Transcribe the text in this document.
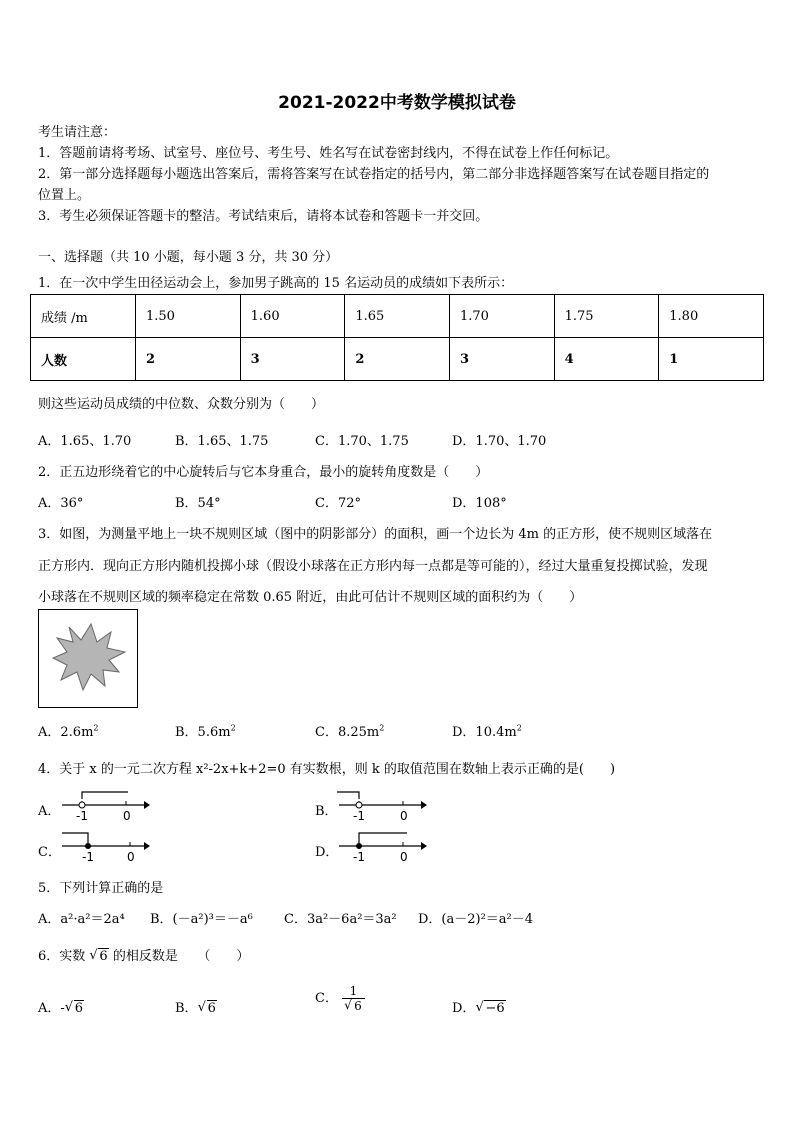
2021-2022中考数学模拟试卷
考生请注意：
1．答题前请将考场、试室号、座位号、考生号、姓名写在试卷密封线内，不得在试卷上作任何标记。
2．第一部分选择题每小题选出答案后，需将答案写在试卷指定的括号内，第二部分非选择题答案写在试卷题目指定的
位置上。
3．考生必须保证答题卡的整洁。考试结束后，请将本试卷和答题卡一并交回。
一、选择题（共 10 小题，每小题 3 分，共 30 分）
1．在一次中学生田径运动会上，参加男子跳高的 15 名运动员的成绩如下表所示：
成绩 /m	1.50	1.60	1.65	1.70	1.75	1.80
人数	2	3	2	3	4	1
则这些运动员成绩的中位数、众数分别为（　　）
A．1.65、1.70	B．1.65、1.75	C．1.70、1.75	D．1.70、1.70
2．正五边形绕着它的中心旋转后与它本身重合，最小的旋转角度数是（　　）
A．36°	B．54°	C．72°	D．108°
3．如图，为测量平地上一块不规则区域（图中的阴影部分）的面积，画一个边长为 4m 的正方形，使不规则区域落在
正方形内．现向正方形内随机投掷小球（假设小球落在正方形内每一点都是等可能的），经过大量重复投掷试验，发现
小球落在不规则区域的频率稳定在常数 0.65 附近，由此可估计不规则区域的面积约为（　　）
A．$2.6m^2$	B．$5.6m^2$	C．$8.25m^2$	D．$10.4m^2$
4．关于 x 的一元二次方程 x²-2x+k+2=0 有实数根，则 k 的取值范围在数轴上表示正确的是(　　)
A． -1	0	B． -1	0
C． -1	0	D． -1	0
5．下列计算正确的是
A．a²·a²＝2a⁴ B．(－a²)³＝－a⁶ C．3a²－6a²＝3a² D．(a－2)²＝a²－4
6．实数 √ 6 的相反数是　　（　　）
A．- √ 6	B． √ 6
C． 1
√ 6	D． √ −6
